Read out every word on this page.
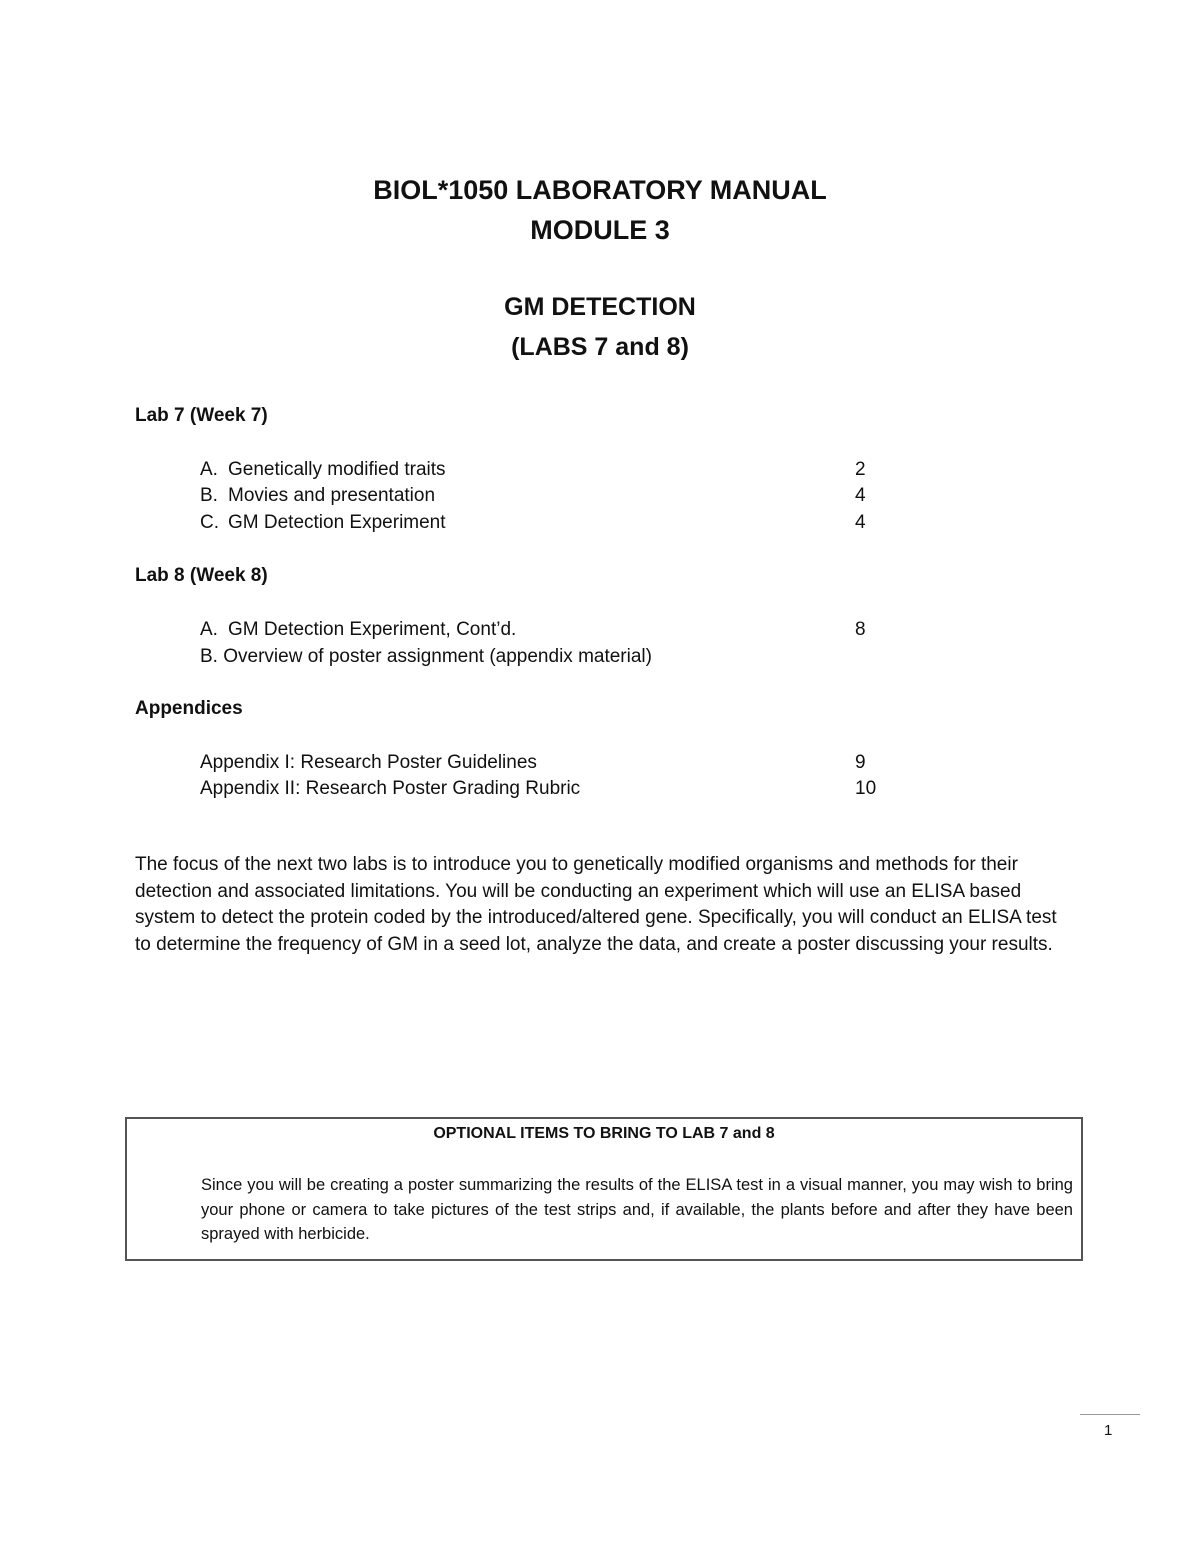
BIOL*1050 LABORATORY MANUAL
MODULE 3
GM DETECTION
(LABS 7 and 8)
Lab 7 (Week 7)
A. Genetically modified traits	2
B. Movies and presentation	4
C. GM Detection Experiment	4
Lab 8 (Week 8)
A. GM Detection Experiment, Cont’d.	8
B. Overview of poster assignment (appendix material)
Appendices
Appendix I: Research Poster Guidelines	9
Appendix II: Research Poster Grading Rubric	10
The focus of the next two labs is to introduce you to genetically modified organisms and methods for their detection and associated limitations. You will be conducting an experiment which will use an ELISA based system to detect the protein coded by the introduced/altered gene. Specifically, you will conduct an ELISA test to determine the frequency of GM in a seed lot, analyze the data, and create a poster discussing your results.
OPTIONAL ITEMS TO BRING TO LAB 7 and 8
Since you will be creating a poster summarizing the results of the ELISA test in a visual manner, you may wish to bring your phone or camera to take pictures of the test strips and, if available, the plants before and after they have been sprayed with herbicide.
1
